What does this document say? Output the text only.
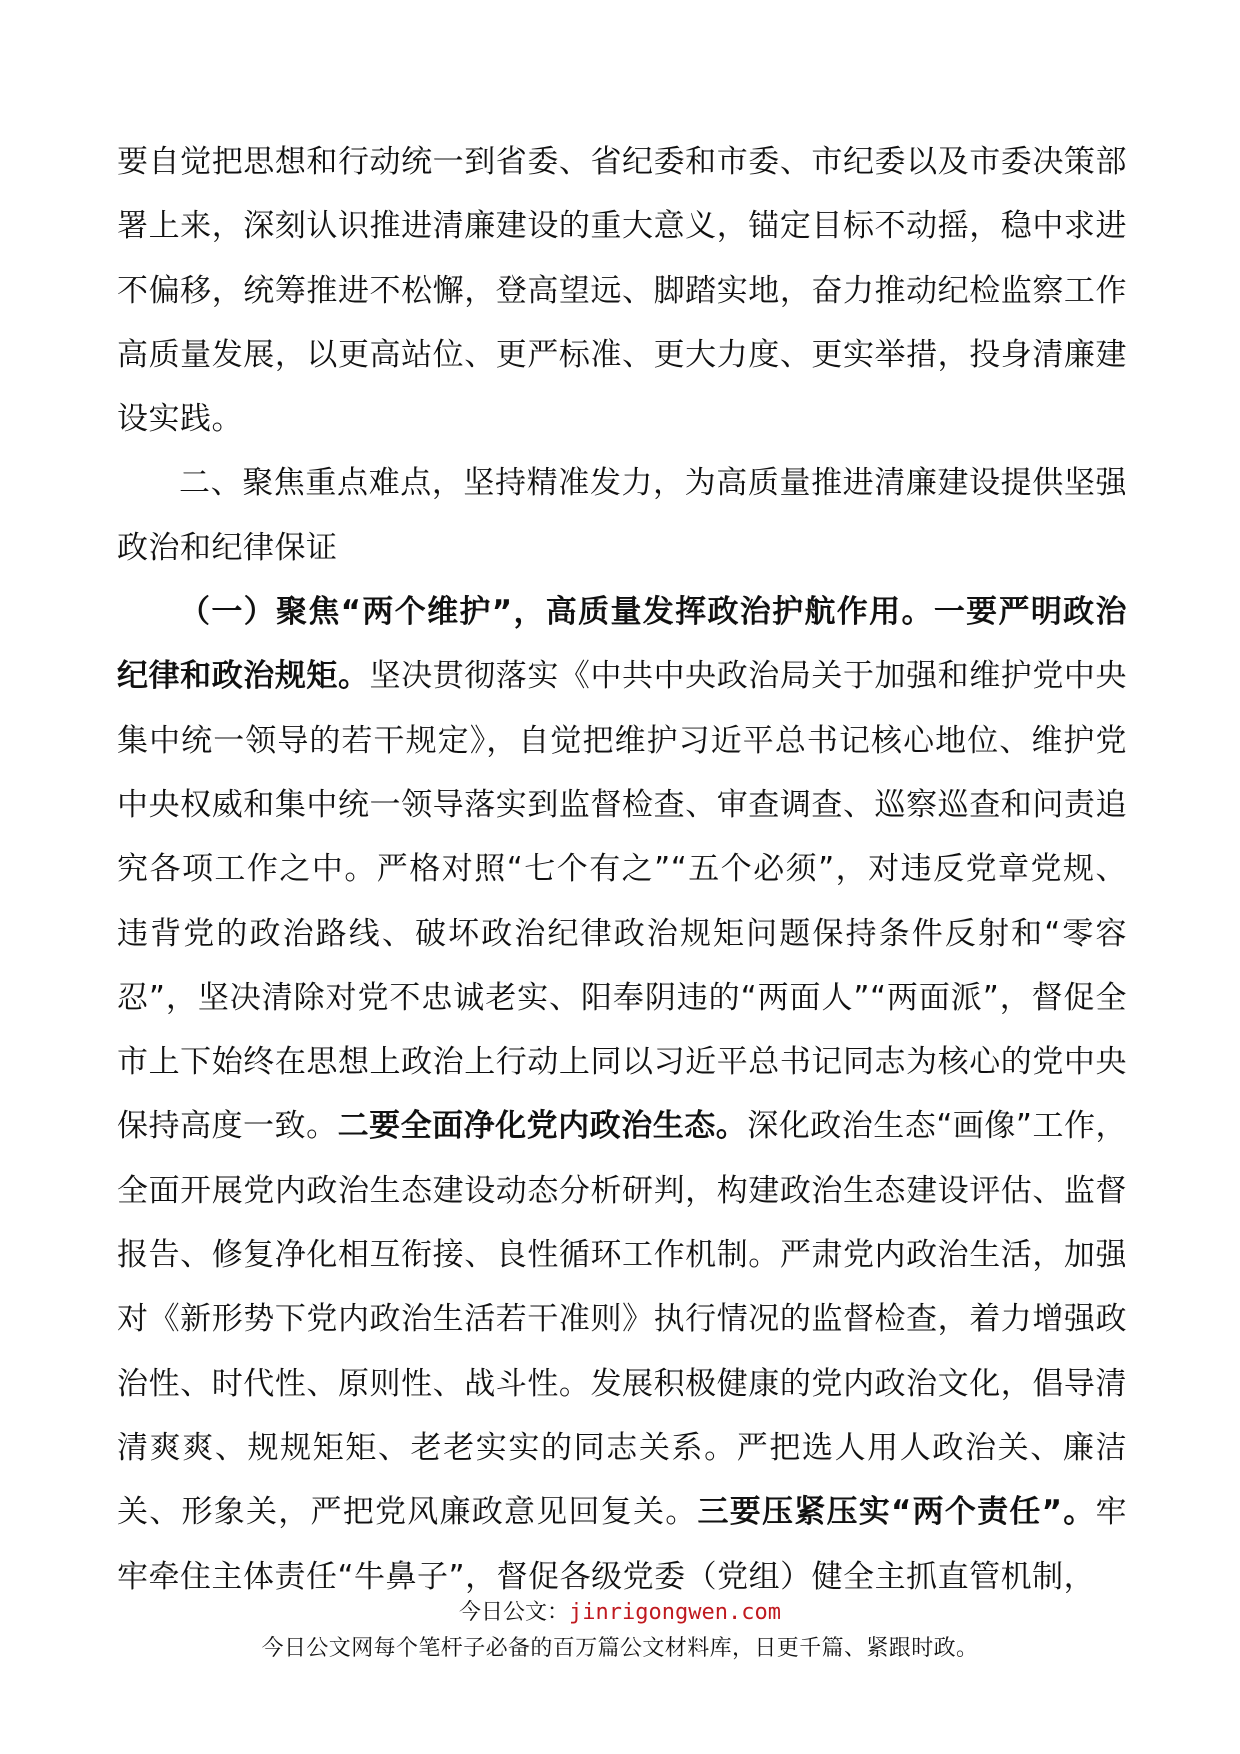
要自觉把思想和行动统一到省委、省纪委和市委、市纪委以及市委决策部署上来，深刻认识推进清廉建设的重大意义，锚定目标不动摇，稳中求进不偏移，统筹推进不松懈，登高望远、脚踏实地，奋力推动纪检监察工作高质量发展，以更高站位、更严标准、更大力度、更实举措，投身清廉建设实践。

二、聚焦重点难点，坚持精准发力，为高质量推进清廉建设提供坚强政治和纪律保证

（一）聚焦“两个维护”，高质量发挥政治护航作用。一要严明政治纪律和政治规矩。坚决贯彻落实《中共中央政治局关于加强和维护党中央集中统一领导的若干规定》，自觉把维护习近平总书记核心地位、维护党中央权威和集中统一领导落实到监督检查、审查调查、巡察巡查和问责追究各项工作之中。严格对照“七个有之”“五个必须”，对违反党章党规、违背党的政治路线、破坏政治纪律政治规矩问题保持条件反射和“零容忍”，坚决清除对党不忠诚老实、阳奉阴违的“两面人”“两面派”，督促全市上下始终在思想上政治上行动上同以习近平总书记同志为核心的党中央保持高度一致。二要全面净化党内政治生态。深化政治生态“画像”工作，全面开展党内政治生态建设动态分析研判，构建政治生态建设评估、监督报告、修复净化相互衔接、良性循环工作机制。严肃党内政治生活，加强对《新形势下党内政治生活若干准则》执行情况的监督检查，着力增强政治性、时代性、原则性、战斗性。发展积极健康的党内政治文化，倡导清清爽爽、规规矩矩、老老实实的同志关系。严把选人用人政治关、廉洁关、形象关，严把党风廉政意见回复关。三要压紧压实“两个责任”。牢牢牵住主体责任“牛鼻子”，督促各级党委（党组）健全主抓直管机制，

今日公文：jinrigongwen.com
今日公文网每个笔杆子必备的百万篇公文材料库，日更千篇、紧跟时政。
